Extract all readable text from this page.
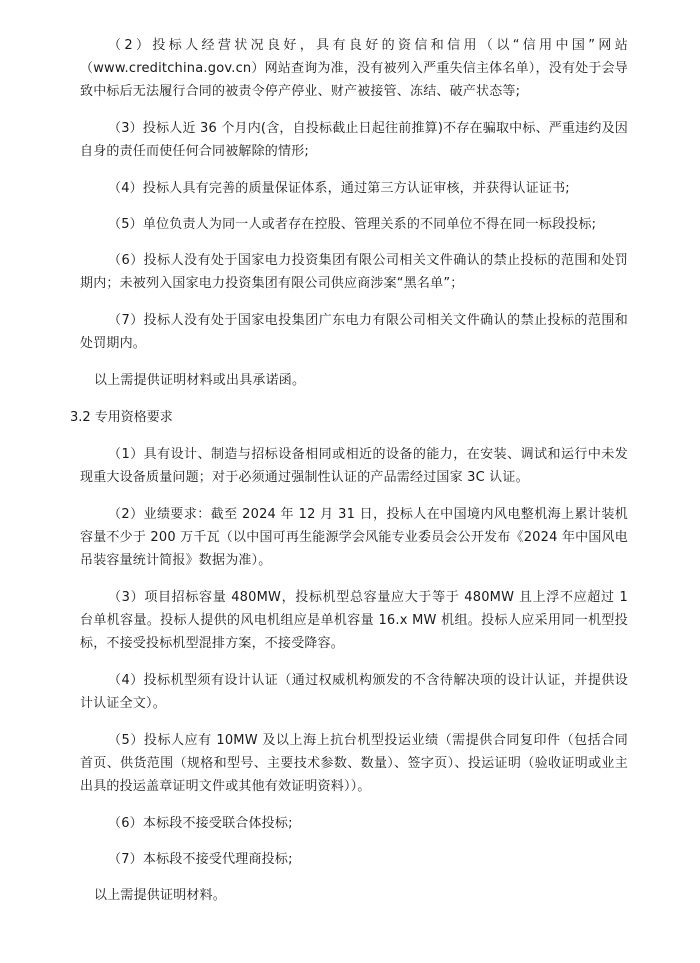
（2）投标人经营状况良好，具有良好的资信和信用（以“信用中国”网站（www.creditchina.gov.cn）网站查询为准，没有被列入严重失信主体名单），没有处于会导致中标后无法履行合同的被责令停产停业、财产被接管、冻结、破产状态等;

（3）投标人近 36 个月内(含，自投标截止日起往前推算)不存在骗取中标、严重违约及因自身的责任而使任何合同被解除的情形;

（4）投标人具有完善的质量保证体系，通过第三方认证审核，并获得认证证书;

（5）单位负责人为同一人或者存在控股、管理关系的不同单位不得在同一标段投标;

（6）投标人没有处于国家电力投资集团有限公司相关文件确认的禁止投标的范围和处罚期内；未被列入国家电力投资集团有限公司供应商涉案“黑名单”；

（7）投标人没有处于国家电投集团广东电力有限公司相关文件确认的禁止投标的范围和处罚期内。

以上需提供证明材料或出具承诺函。

3.2 专用资格要求

（1）具有设计、制造与招标设备相同或相近的设备的能力，在安装、调试和运行中未发现重大设备质量问题；对于必须通过强制性认证的产品需经过国家 3C 认证。

（2）业绩要求：截至 2024 年 12 月 31 日，投标人在中国境内风电整机海上累计装机容量不少于 200 万千瓦（以中国可再生能源学会风能专业委员会公开发布《2024 年中国风电吊装容量统计简报》数据为准）。

（3）项目招标容量 480MW，投标机型总容量应大于等于 480MW 且上浮不应超过 1 台单机容量。投标人提供的风电机组应是单机容量 16.x MW 机组。投标人应采用同一机型投标，不接受投标机型混排方案，不接受降容。

（4）投标机型须有设计认证（通过权威机构颁发的不含待解决项的设计认证，并提供设计认证全文）。

（5）投标人应有 10MW 及以上海上抗台机型投运业绩（需提供合同复印件（包括合同首页、供货范围（规格和型号、主要技术参数、数量）、签字页）、投运证明（验收证明或业主出具的投运盖章证明文件或其他有效证明资料））。

（6）本标段不接受联合体投标;

（7）本标段不接受代理商投标;

以上需提供证明材料。
